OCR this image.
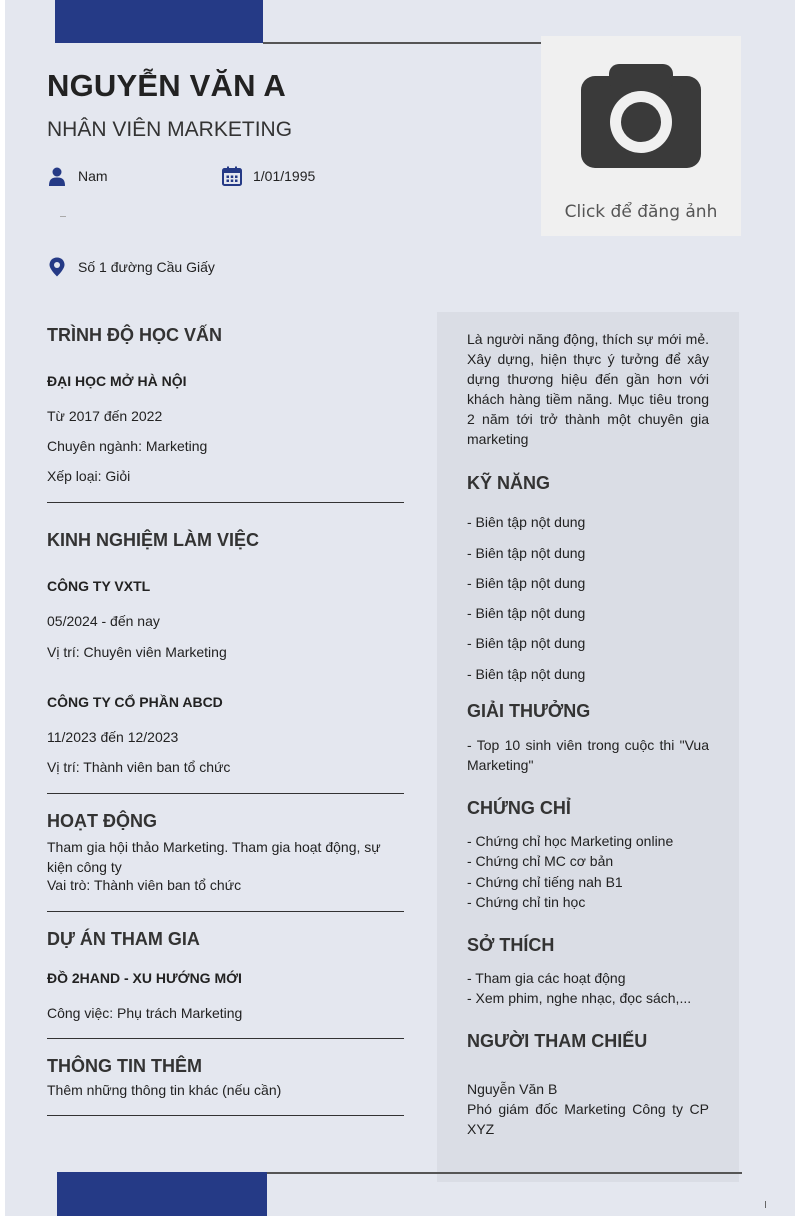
Click để đăng ảnh
NGUYỄN VĂN A
NHÂN VIÊN MARKETING
Nam	1/01/1995
Số 1 đường Cầu Giấy
TRÌNH ĐỘ HỌC VẤN
ĐẠI HỌC MỞ HÀ NỘI
Từ 2017 đến 2022
Chuyên ngành: Marketing
Xếp loại: Giỏi
KINH NGHIỆM LÀM VIỆC
CÔNG TY VXTL
05/2024 - đến nay
Vị trí: Chuyên viên Marketing
CÔNG TY CỔ PHẦN ABCD
11/2023 đến 12/2023
Vị trí: Thành viên ban tổ chức
HOẠT ĐỘNG
Tham gia hội thảo Marketing. Tham gia hoạt động, sự kiện công ty
Vai trò: Thành viên ban tổ chức
DỰ ÁN THAM GIA
ĐỒ 2HAND - XU HƯỚNG MỚI
Công việc: Phụ trách Marketing
THÔNG TIN THÊM
Thêm những thông tin khác (nếu cần)
Là người năng động, thích sự mới mẻ. Xây dựng, hiện thực ý tưởng để xây dựng thương hiệu đến gần hơn với khách hàng tiềm năng. Mục tiêu trong 2 năm tới trở thành một chuyên gia marketing
KỸ NĂNG
- Biên tập nột dung
- Biên tập nột dung
- Biên tập nột dung
- Biên tập nột dung
- Biên tập nột dung
- Biên tập nột dung
GIẢI THƯỞNG
- Top 10 sinh viên trong cuộc thi "Vua Marketing"
CHỨNG CHỈ
- Chứng chỉ học Marketing online
- Chứng chỉ MC cơ bản
- Chứng chỉ tiếng nah B1
- Chứng chỉ tin học
SỞ THÍCH
- Tham gia các hoạt động
- Xem phim, nghe nhạc, đọc sách,...
NGƯỜI THAM CHIẾU
Nguyễn Văn B
Phó giám đốc Marketing Công ty CP XYZ
